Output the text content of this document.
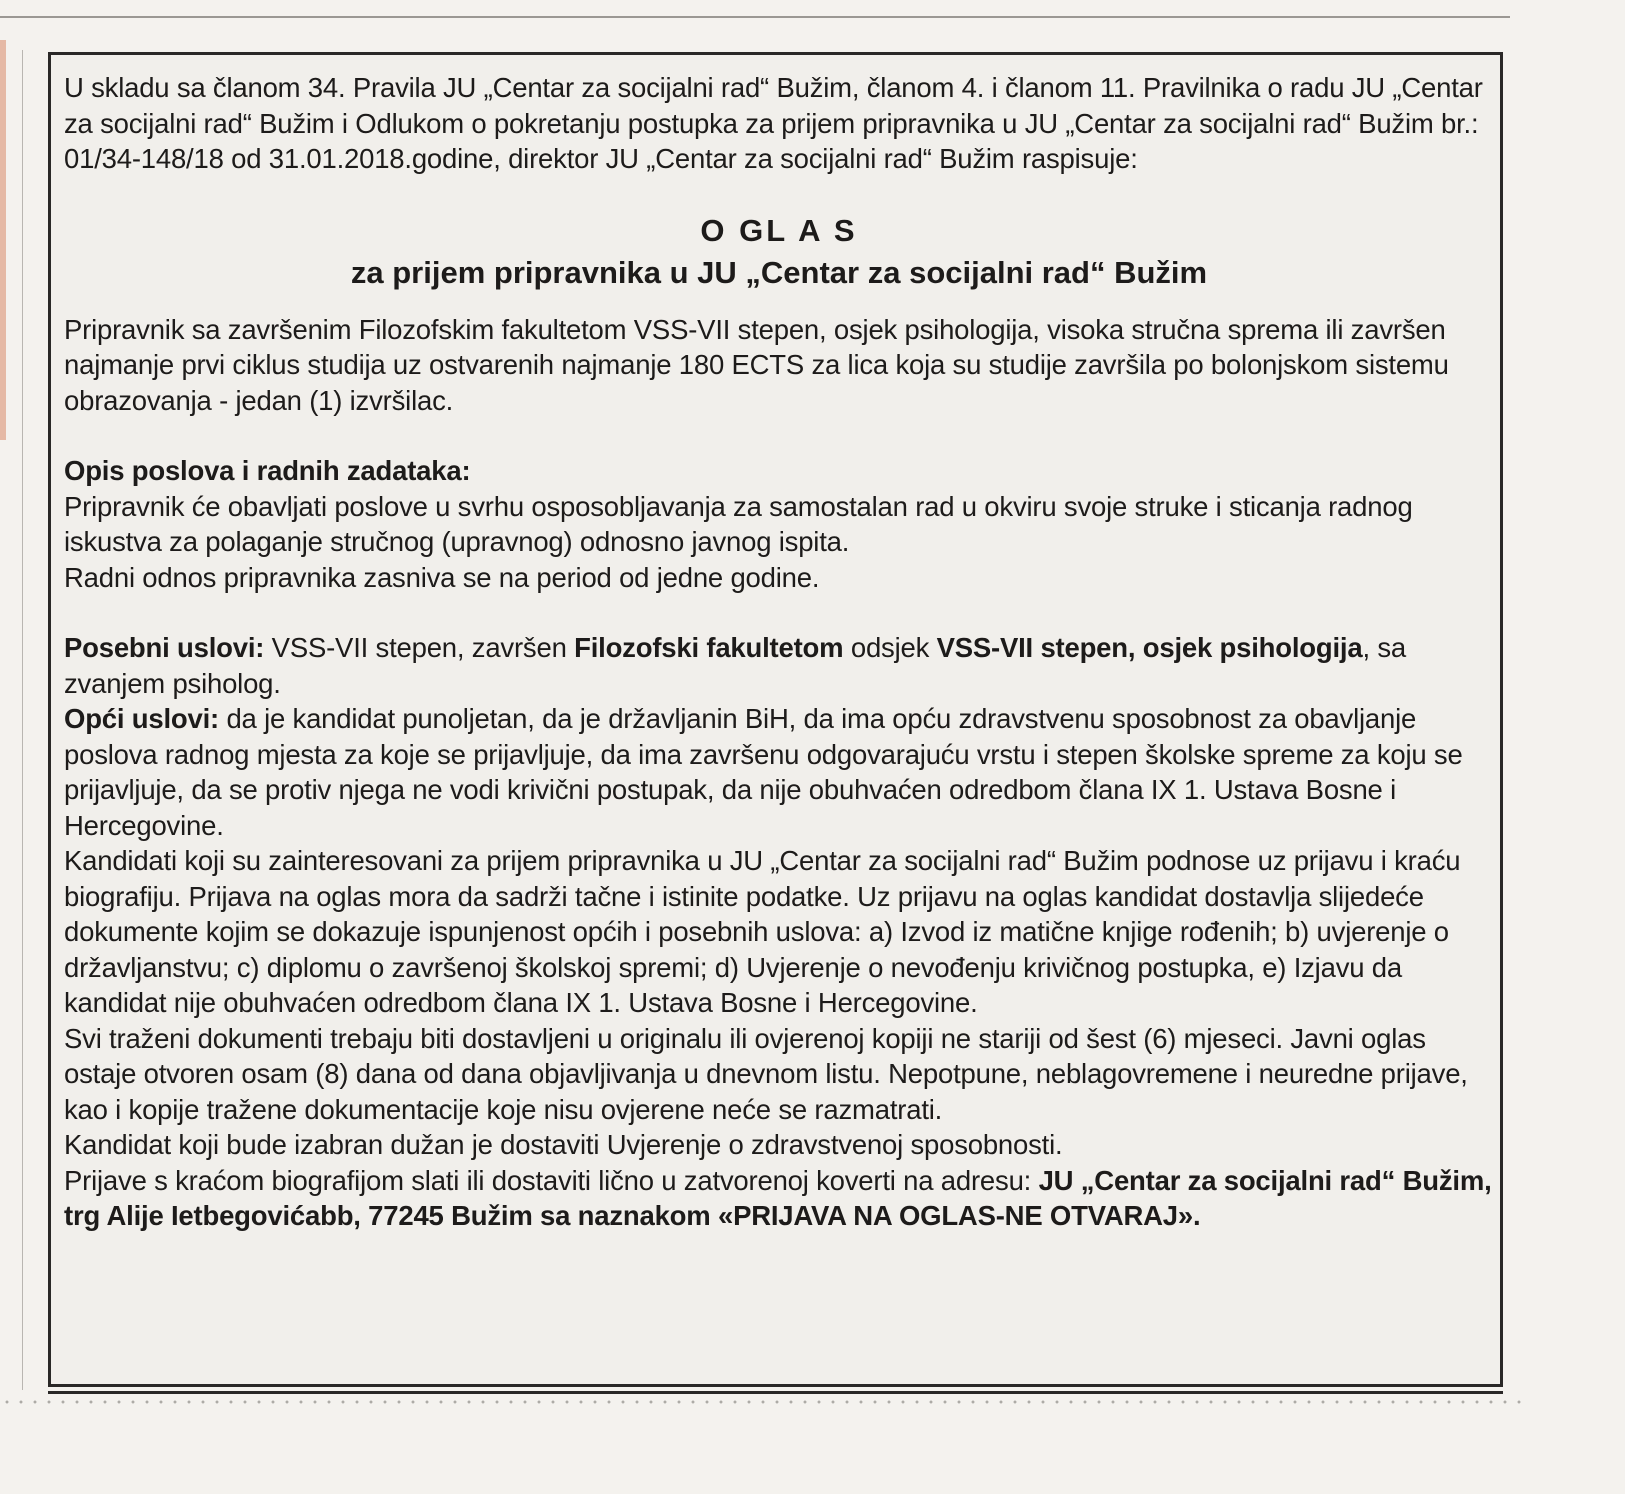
U skladu sa članom 34. Pravila JU „Centar za socijalni rad“ Bužim, članom 4. i članom 11. Pravilnika o radu JU „Centar za socijalni rad“ Bužim i Odlukom o pokretanju postupka za prijem pripravnika u JU „Centar za socijalni rad“ Bužim br.: 01/34-148/18 od 31.01.2018.godine, direktor JU „Centar za socijalni rad“ Bužim raspisuje:

O GL A S
za prijem pripravnika u JU „Centar za socijalni rad“ Bužim

Pripravnik sa završenim Filozofskim fakultetom VSS-VII stepen, osjek psihologija, visoka stručna sprema ili završen najmanje prvi ciklus studija uz ostvarenih najmanje 180 ECTS za lica koja su studije završila po bolonjskom sistemu obrazovanja - jedan (1) izvršilac.

Opis poslova i radnih zadataka:

Pripravnik će obavljati poslove u svrhu osposobljavanja za samostalan rad u okviru svoje struke i sticanja radnog iskustva za polaganje stručnog (upravnog) odnosno javnog ispita.

Radni odnos pripravnika zasniva se na period od jedne godine.

Posebni uslovi: VSS-VII stepen, završen Filozofski fakultetom odsjek VSS-VII stepen, osjek psihologija, sa zvanjem psiholog.

Opći uslovi: da je kandidat punoljetan, da je državljanin BiH, da ima opću zdravstvenu sposobnost za obavljanje poslova radnog mjesta za koje se prijavljuje, da ima završenu odgovarajuću vrstu i stepen školske spreme za koju se prijavljuje, da se protiv njega ne vodi krivični postupak, da nije obuhvaćen odredbom člana IX 1. Ustava Bosne i Hercegovine.

Kandidati koji su zainteresovani za prijem pripravnika u JU „Centar za socijalni rad“ Bužim podnose uz prijavu i kraću biografiju. Prijava na oglas mora da sadrži tačne i istinite podatke. Uz prijavu na oglas kandidat dostavlja slijedeće dokumente kojim se dokazuje ispunjenost općih i posebnih uslova: a) Izvod iz matične knjige rođenih; b) uvjerenje o državljanstvu; c) diplomu o završenoj školskoj spremi; d) Uvjerenje o nevođenju krivičnog postupka, e) Izjavu da kandidat nije obuhvaćen odredbom člana IX 1. Ustava Bosne i Hercegovine.

Svi traženi dokumenti trebaju biti dostavljeni u originalu ili ovjerenoj kopiji ne stariji od šest (6) mjeseci. Javni oglas ostaje otvoren osam (8) dana od dana objavljivanja u dnevnom listu. Nepotpune, neblagovremene i neuredne prijave, kao i kopije tražene dokumentacije koje nisu ovjerene neće se razmatrati.

Kandidat koji bude izabran dužan je dostaviti Uvjerenje o zdravstvenoj sposobnosti.

Prijave s kraćom biografijom slati ili dostaviti lično u zatvorenoj koverti na adresu: JU „Centar za socijalni rad“ Bužim, trg Alije Ietbegovićabb, 77245 Bužim sa naznakom «PRIJAVA NA OGLAS-NE OTVARAJ».
